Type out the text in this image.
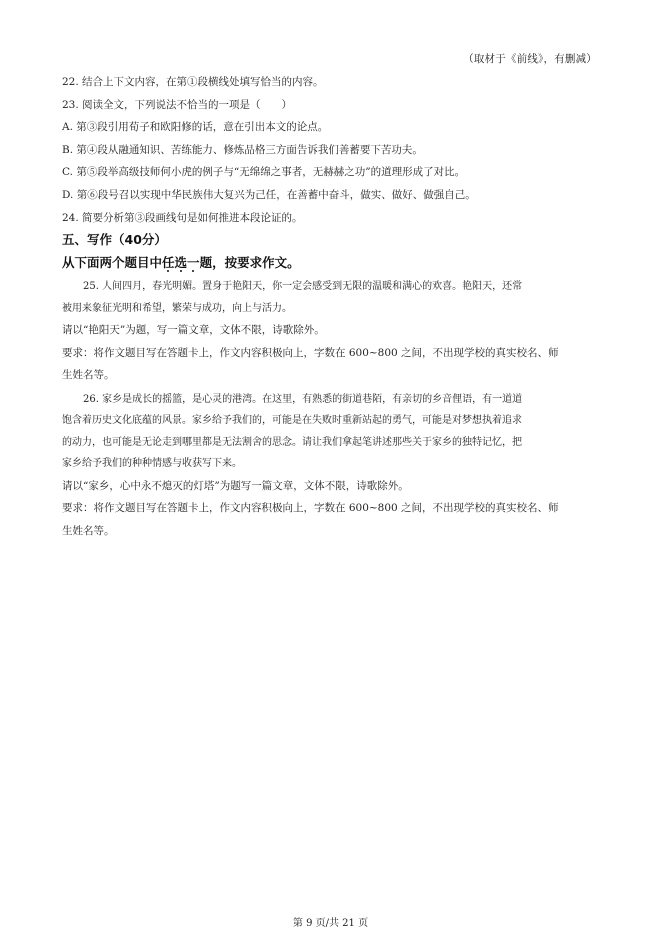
（取材于《前线》，有删减）
22. 结合上下文内容，在第①段横线处填写恰当的内容。
23. 阅读全文，下列说法不恰当的一项是（　　）
A. 第③段引用荀子和欧阳修的话，意在引出本文的论点。
B. 第④段从融通知识、苦练能力、修炼品格三方面告诉我们善蓄要下苦功夫。
C. 第⑤段举高级技师何小虎的例子与“无绵绵之事者，无赫赫之功”的道理形成了对比。
D. 第⑥段号召以实现中华民族伟大复兴为己任，在善蓄中奋斗，做实、做好、做强自己。
24. 简要分析第③段画线句是如何推进本段论证的。
五、写作（40分）
从下面两个题目中任选一题，按要求作文。
25. 人间四月，春光明媚。置身于艳阳天，你一定会感受到无限的温暖和满心的欢喜。艳阳天，还常
被用来象征光明和希望，繁荣与成功，向上与活力。
请以“艳阳天”为题，写一篇文章，文体不限，诗歌除外。
要求：将作文题目写在答题卡上，作文内容积极向上，字数在 600~800 之间，不出现学校的真实校名、师
生姓名等。
26. 家乡是成长的摇篮，是心灵的港湾。在这里，有熟悉的街道巷陌，有亲切的乡音俚语，有一道道
饱含着历史文化底蕴的风景。家乡给予我们的，可能是在失败时重新站起的勇气，可能是对梦想执着追求
的动力，也可能是无论走到哪里都是无法割舍的思念。请让我们拿起笔讲述那些关于家乡的独特记忆，把
家乡给予我们的种种情感与收获写下来。
请以“家乡，心中永不熄灭的灯塔”为题写一篇文章，文体不限，诗歌除外。
要求：将作文题目写在答题卡上，作文内容积极向上，字数在 600~800 之间，不出现学校的真实校名、师
生姓名等。
第 9 页/共 21 页
